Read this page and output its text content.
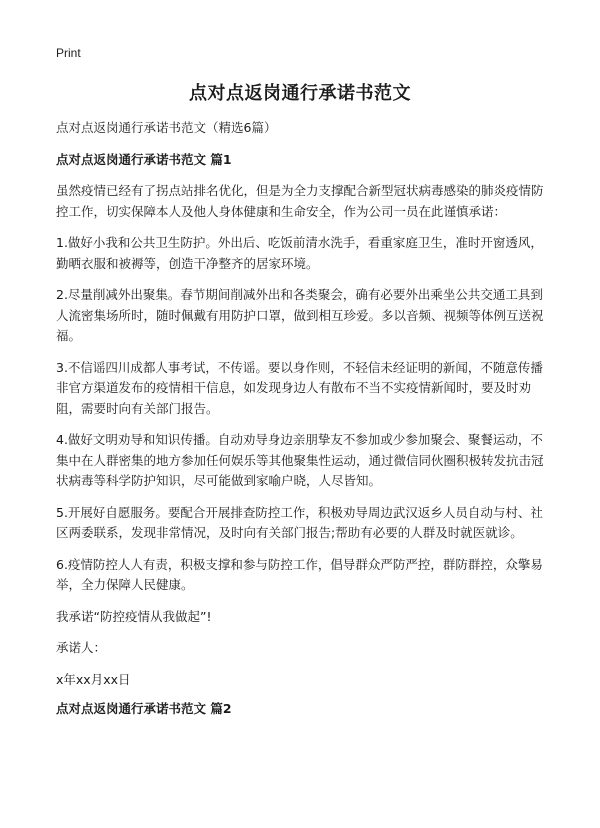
Print
点对点返岗通行承诺书范文

点对点返岗通行承诺书范文（精选6篇）

点对点返岗通行承诺书范文 篇1

虽然疫情已经有了拐点站排名优化，但是为全力支撑配合新型冠状病毒感染的肺炎疫情防控工作，切实保障本人及他人身体健康和生命安全，作为公司一员在此谨慎承诺：

1.做好小我和公共卫生防护。外出后、吃饭前清水洗手，看重家庭卫生，准时开窗透风，勤晒衣服和被褥等，创造干净整齐的居家环境。

2.尽量削减外出聚集。春节期间削减外出和各类聚会，确有必要外出乘坐公共交通工具到人流密集场所时，随时佩戴有用防护口罩，做到相互珍爱。多以音频、视频等体例互送祝福。

3.不信谣四川成都人事考试，不传谣。要以身作则，不轻信未经证明的新闻，不随意传播非官方渠道发布的疫情相干信息，如发现身边人有散布不当不实疫情新闻时，要及时劝阻，需要时向有关部门报告。

4.做好文明劝导和知识传播。自动劝导身边亲朋挚友不参加或少参加聚会、聚餐运动，不集中在人群密集的地方参加任何娱乐等其他聚集性运动，通过微信同伙圈积极转发抗击冠状病毒等科学防护知识，尽可能做到家喻户晓，人尽皆知。

5.开展好自愿服务。要配合开展排查防控工作，积极劝导周边武汉返乡人员自动与村、社区两委联系，发现非常情况，及时向有关部门报告;帮助有必要的人群及时就医就诊。

6.疫情防控人人有责，积极支撑和参与防控工作，倡导群众严防严控，群防群控，众擎易举，全力保障人民健康。

我承诺“防控疫情从我做起”!

承诺人：

x年xx月xx日

点对点返岗通行承诺书范文 篇2
